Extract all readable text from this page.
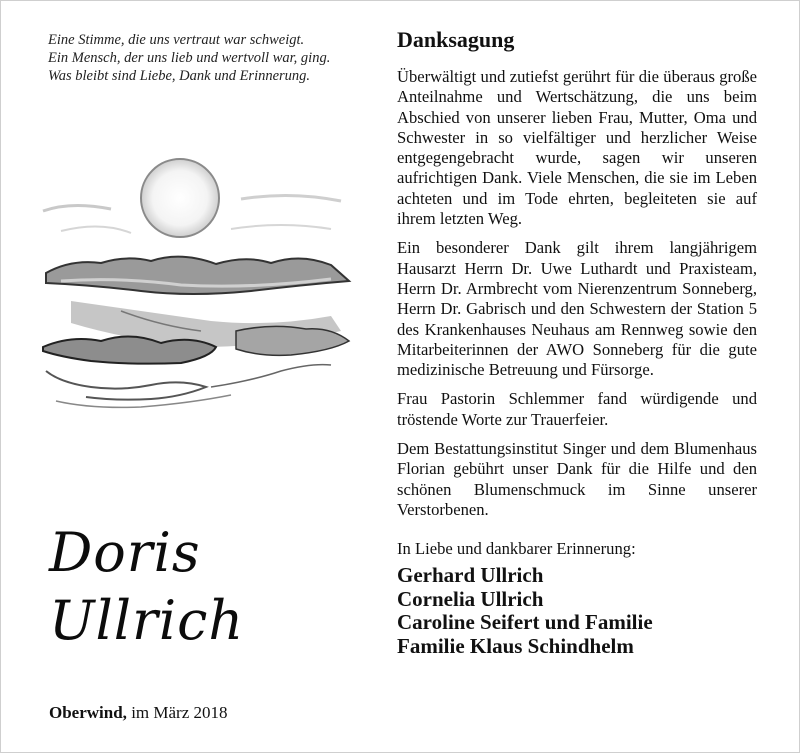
Eine Stimme, die uns vertraut war schweigt.
Ein Mensch, der uns lieb und wertvoll war, ging.
Was bleibt sind Liebe, Dank und Erinnerung.
Doris
Ullrich
Oberwind, im März 2018
Danksagung

Überwältigt und zutiefst gerührt für die überaus große Anteilnahme und Wertschätzung, die uns beim Abschied von unserer lieben Frau, Mutter, Oma und Schwester in so vielfältiger und herzlicher Weise entgegengebracht wurde, sagen wir unseren aufrichtigen Dank. Viele Menschen, die sie im Leben achteten und im Tode ehrten, begleiteten sie auf ihrem letzten Weg.

Ein besonderer Dank gilt ihrem langjährigem Hausarzt Herrn Dr. Uwe Luthardt und Praxisteam, Herrn Dr. Armbrecht vom Nierenzentrum Sonneberg, Herrn Dr. Gabrisch und den Schwestern der Station 5 des Krankenhauses Neuhaus am Rennweg sowie den Mitarbeiterinnen der AWO Sonneberg für die gute medizinische Betreuung und Fürsorge.

Frau Pastorin Schlemmer fand würdigende und tröstende Worte zur Trauerfeier.

Dem Bestattungsinstitut Singer und dem Blumenhaus Florian gebührt unser Dank für die Hilfe und den schönen Blumenschmuck im Sinne unserer Verstorbenen.

In Liebe und dankbarer Erinnerung:
Gerhard Ullrich
Cornelia Ullrich
Caroline Seifert und Familie
Familie Klaus Schindhelm
